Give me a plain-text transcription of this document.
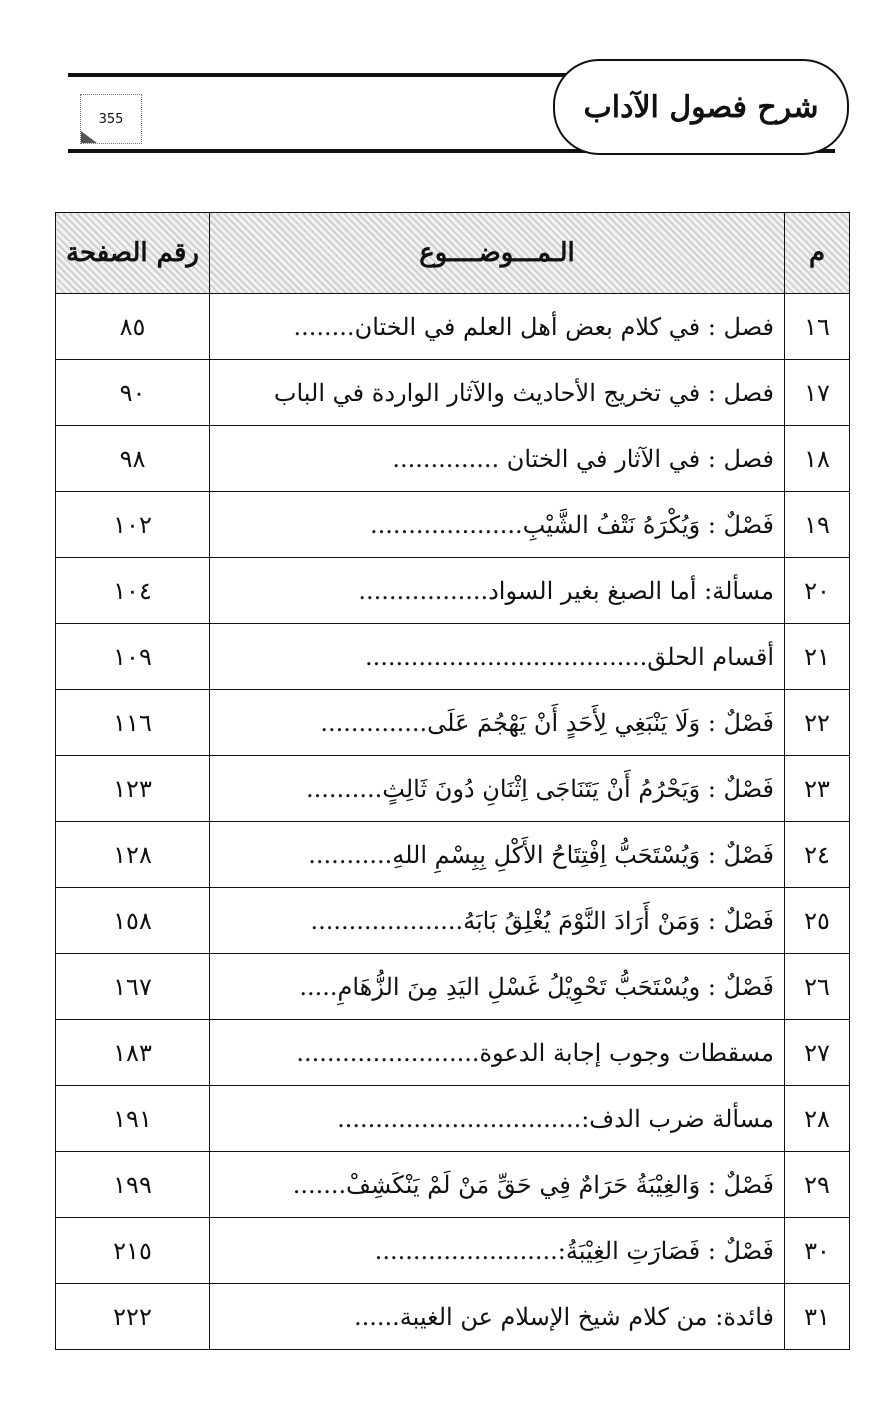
شرح فصول الآداب
355
م	الـمـــوضــــوع	رقم الصفحة
١٦	فصل : في كلام بعض أهل العلم في الختان........	٨٥
١٧	فصل : في تخريج الأحاديث والآثار الواردة في الباب	٩٠
١٨	فصل : في الآثار في الختان ..............	٩٨
١٩	فَصْلٌ : وَيُكْرَهُ نَتْفُ الشَّيْبِ....................	١٠٢
٢٠	مسألة: أما الصبغ بغير السواد.................	١٠٤
٢١	أقسام الحلق.....................................	١٠٩
٢٢	فَصْلٌ : وَلَا يَنْبَغِي لِأَحَدٍ أَنْ يَهْجُمَ عَلَى..............	١١٦
٢٣	فَصْلٌ : وَيَحْرُمُ أَنْ يَتَنَاجَى اِثْنَانِ دُونَ ثَالِثٍ..........	١٢٣
٢٤	فَصْلٌ : وَيُسْتَحَبُّ اِفْتِتَاحُ الأَكْلِ بِبِسْمِ اللهِ...........	١٢٨
٢٥	فَصْلٌ : وَمَنْ أَرَادَ النَّوْمَ يُغْلِقُ بَابَهُ....................	١٥٨
٢٦	فَصْلٌ : ويُسْتَحَبُّ تَحْوِيْلُ غَسْلِ اليَدِ مِنَ الزُّهَامِ.....	١٦٧
٢٧	مسقطات وجوب إجابة الدعوة........................	١٨٣
٢٨	مسألة ضرب الدف:................................	١٩١
٢٩	فَصْلٌ : وَالغِيْبَةُ حَرَامٌ فِي حَقِّ مَنْ لَمْ يَنْكَشِفْ.......	١٩٩
٣٠	فَصْلٌ : فَصَارَتِ الغِيْبَةُ:........................	٢١٥
٣١	فائدة: من كلام شيخ الإسلام عن الغيبة......	٢٢٢
